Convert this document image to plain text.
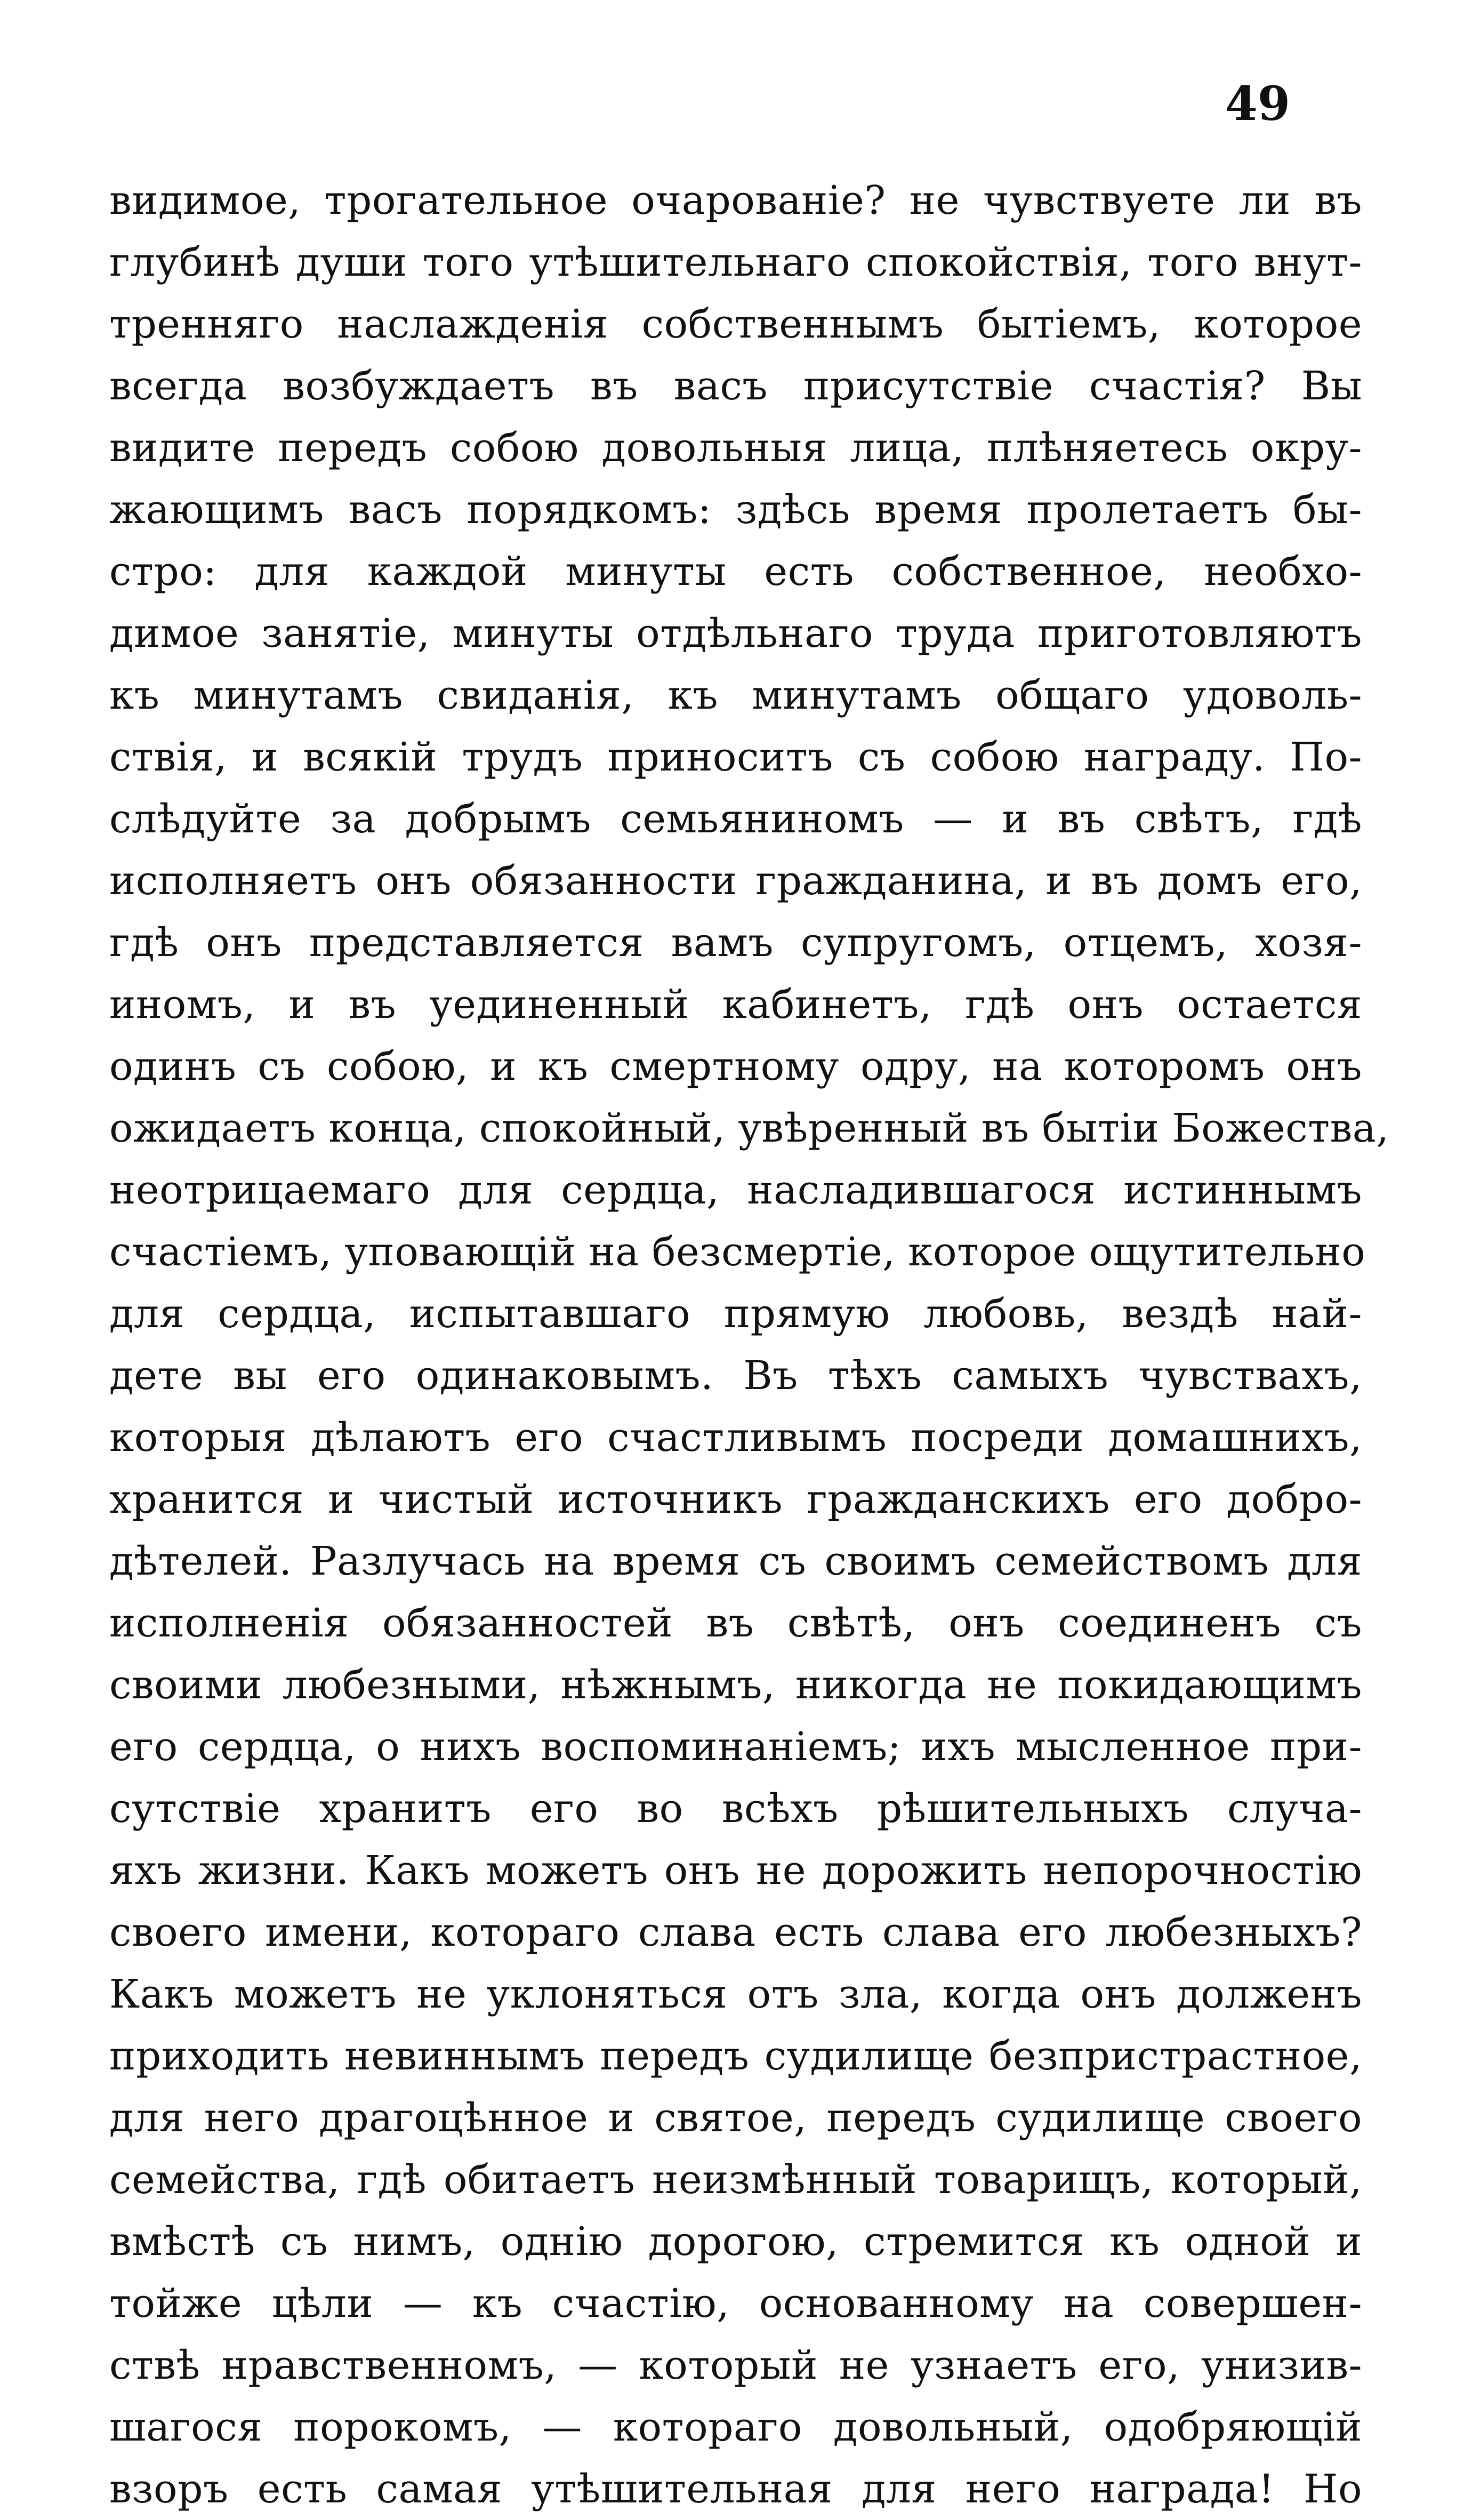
49
видимое, трогательное очарованіе? не чувствуете ли въ
глубинѣ души того утѣшительнаго спокойствія, того внут-
тренняго наслажденія собственнымъ бытіемъ, которое
всегда возбуждаетъ въ васъ присутствіе счастія? Вы
видите передъ собою довольныя лица, плѣняетесь окру-
жающимъ васъ порядкомъ: здѣсь время пролетаетъ бы-
стро: для каждой минуты есть собственное, необхо-
димое занятіе, минуты отдѣльнаго труда приготовляютъ
къ минутамъ свиданія, къ минутамъ общаго удоволь-
ствія, и всякій трудъ приноситъ съ собою награду. По-
слѣдуйте за добрымъ семьяниномъ — и въ свѣтъ, гдѣ
исполняетъ онъ обязанности гражданина, и въ домъ его,
гдѣ онъ представляется вамъ супругомъ, отцемъ, хозя-
иномъ, и въ уединенный кабинетъ, гдѣ онъ остается
одинъ съ собою, и къ смертному одру, на которомъ онъ
ожидаетъ конца, спокойный, увѣренный въ бытіи Божества,
неотрицаемаго для сердца, насладившагося истиннымъ
счастіемъ, уповающій на безсмертіе, которое ощутительно
для сердца, испытавшаго прямую любовь, вездѣ най-
дете вы его одинаковымъ. Въ тѣхъ самыхъ чувствахъ,
которыя дѣлаютъ его счастливымъ посреди домашнихъ,
хранится и чистый источникъ гражданскихъ его добро-
дѣтелей. Разлучась на время съ своимъ семействомъ для
исполненія обязанностей въ свѣтѣ, онъ соединенъ съ
своими любезными, нѣжнымъ, никогда не покидающимъ
его сердца, о нихъ воспоминаніемъ; ихъ мысленное при-
сутствіе хранитъ его во всѣхъ рѣшительныхъ случа-
яхъ жизни. Какъ можетъ онъ не дорожить непорочностію
своего имени, котораго слава есть слава его любезныхъ?
Какъ можетъ не уклоняться отъ зла, когда онъ долженъ
приходить невиннымъ передъ судилище безпристрастное,
для него драгоцѣнное и святое, передъ судилище своего
семейства, гдѣ обитаетъ неизмѣнный товарищъ, который,
вмѣстѣ съ нимъ, однію дорогою, стремится къ одной и
тойже цѣли — къ счастію, основанному на совершен-
ствѣ нравственномъ, — который не узнаетъ его, унизив-
шагося порокомъ, — котораго довольный, одобряющій
взоръ есть самая утѣшительная для него награда! Но
